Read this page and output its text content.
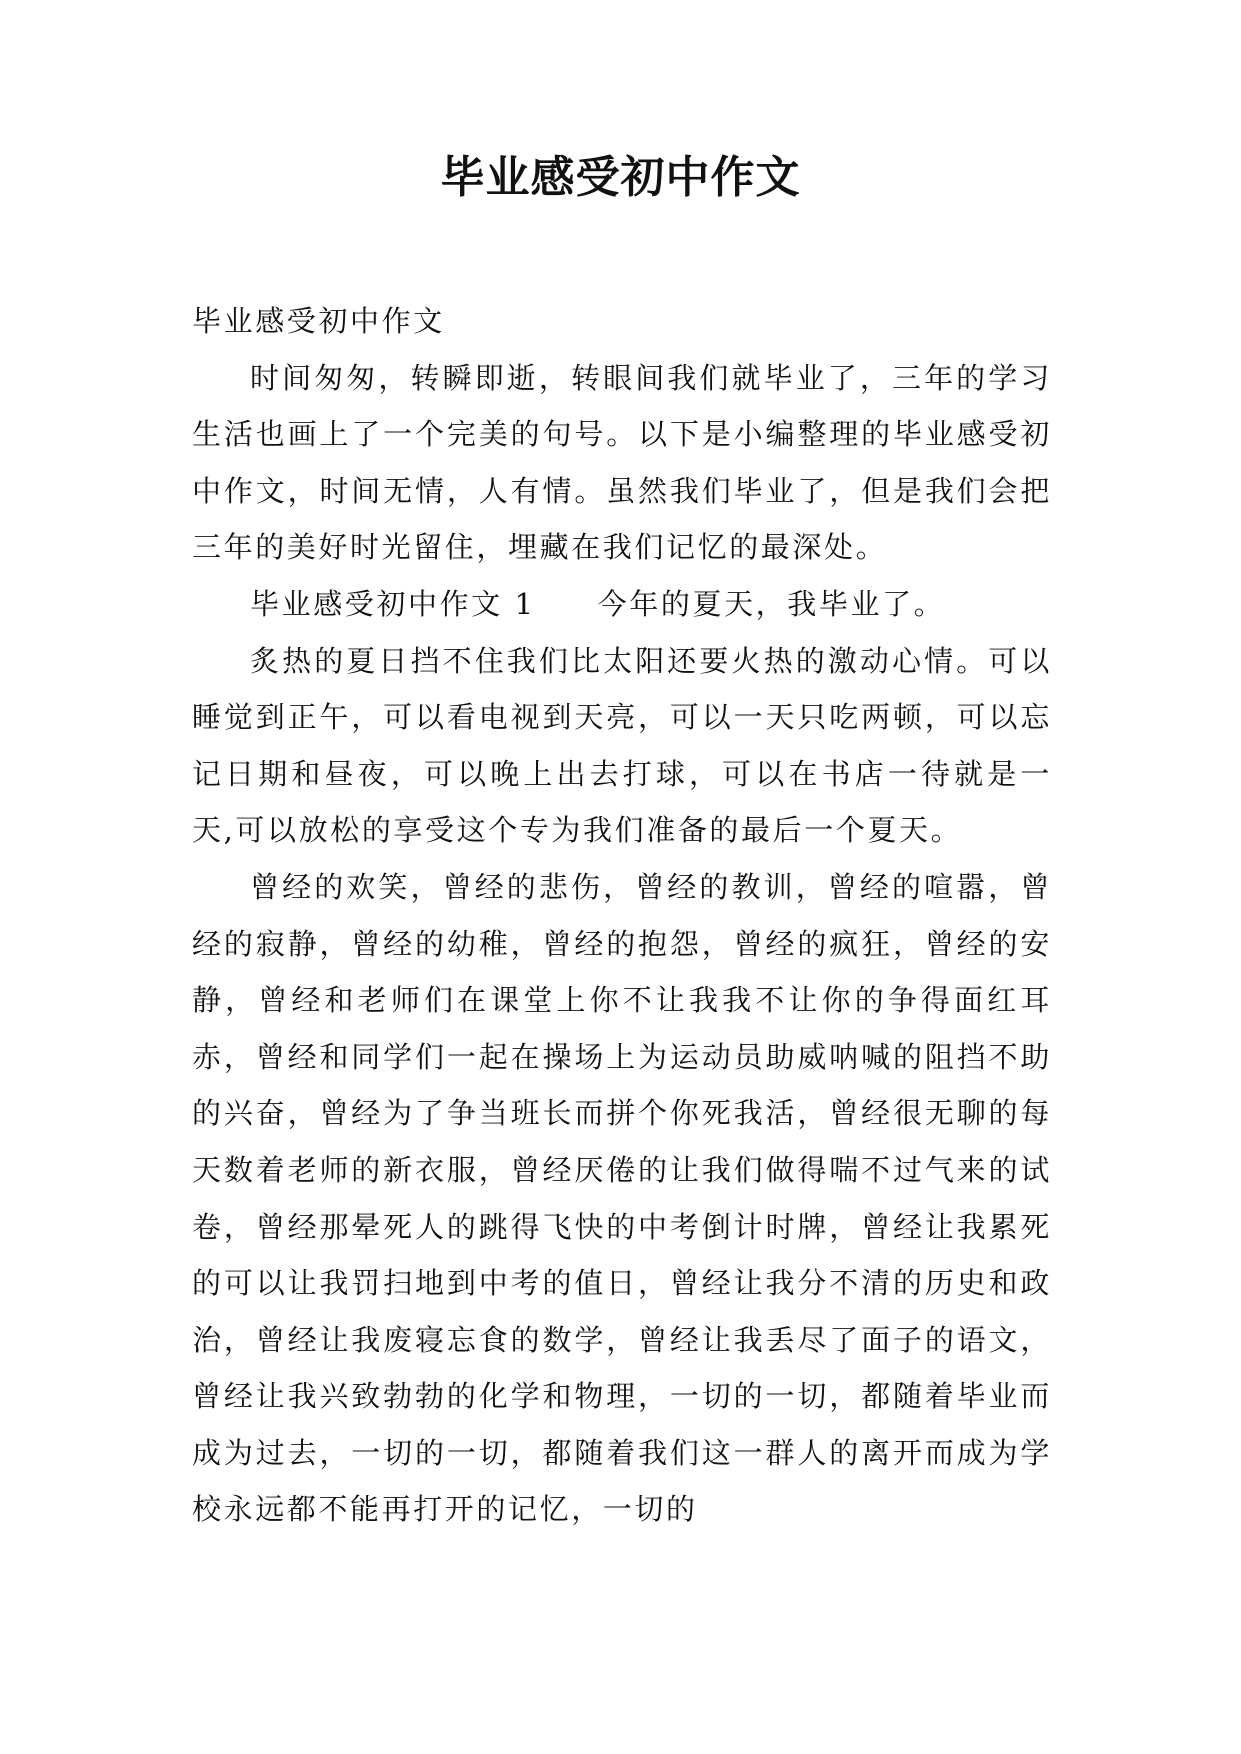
毕业感受初中作文

毕业感受初中作文

时间匆匆，转瞬即逝，转眼间我们就毕业了，三年的学习生活也画上了一个完美的句号。以下是小编整理的毕业感受初中作文，时间无情，人有情。虽然我们毕业了，但是我们会把三年的美好时光留住，埋藏在我们记忆的最深处。

毕业感受初中作文 1 今年的夏天，我毕业了。

炙热的夏日挡不住我们比太阳还要火热的激动心情。可以睡觉到正午，可以看电视到天亮，可以一天只吃两顿，可以忘记日期和昼夜，可以晚上出去打球，可以在书店一待就是一天,可以放松的享受这个专为我们准备的最后一个夏天。

曾经的欢笑，曾经的悲伤，曾经的教训，曾经的喧嚣，曾经的寂静，曾经的幼稚，曾经的抱怨，曾经的疯狂，曾经的安静，曾经和老师们在课堂上你不让我我不让你的争得面红耳赤，曾经和同学们一起在操场上为运动员助威呐喊的阻挡不助的兴奋，曾经为了争当班长而拼个你死我活，曾经很无聊的每天数着老师的新衣服，曾经厌倦的让我们做得喘不过气来的试卷，曾经那晕死人的跳得飞快的中考倒计时牌，曾经让我累死的可以让我罚扫地到中考的值日，曾经让我分不清的历史和政治，曾经让我废寝忘食的数学，曾经让我丢尽了面子的语文，曾经让我兴致勃勃的化学和物理，一切的一切，都随着毕业而成为过去，一切的一切，都随着我们这一群人的离开而成为学校永远都不能再打开的记忆，一切的
